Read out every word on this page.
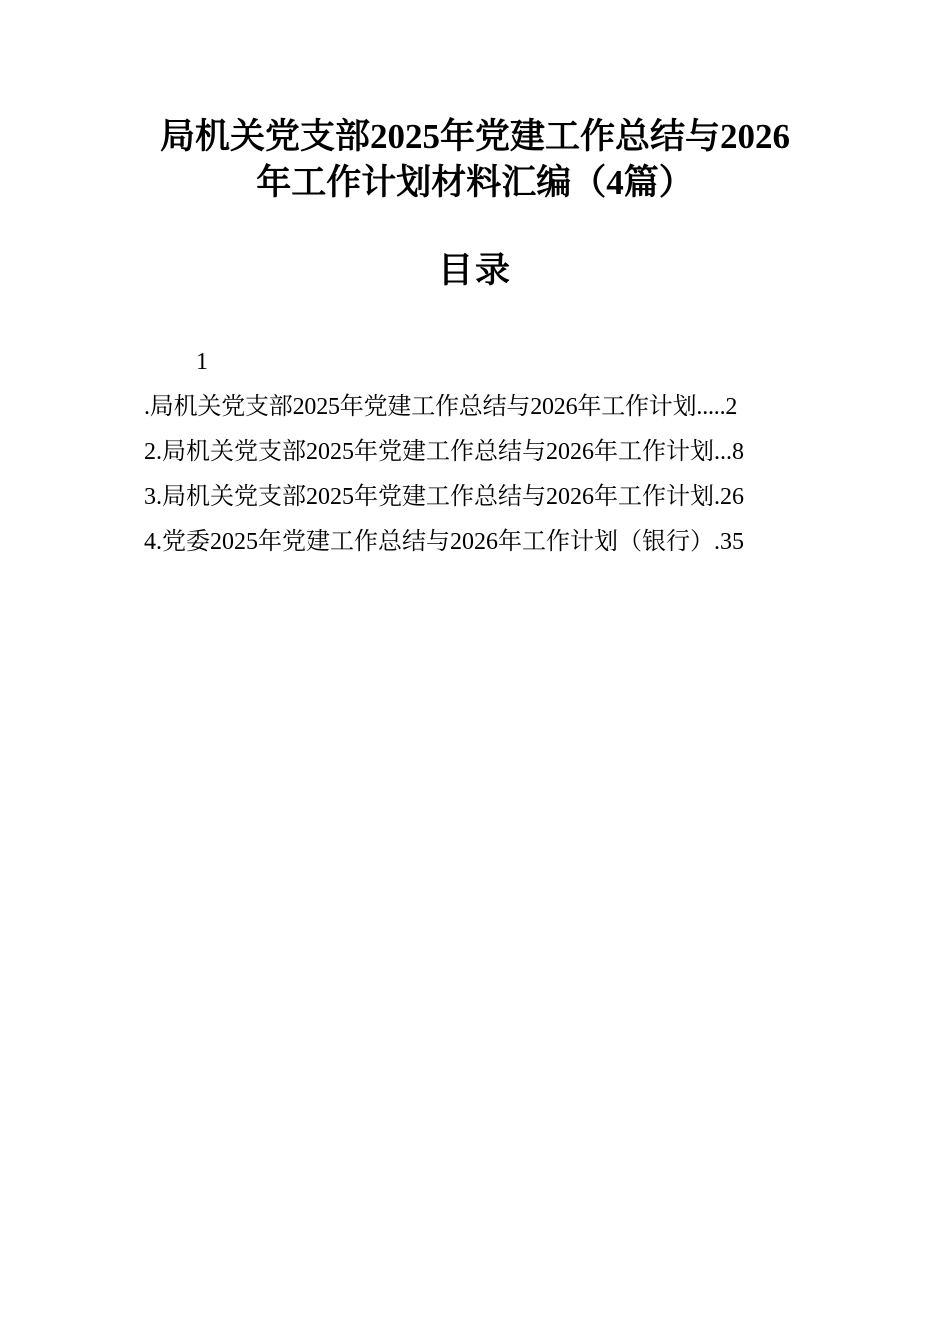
局机关党支部2025年党建工作总结与2026
年工作计划材料汇编（4篇）
目录
1
.局机关党支部2025年党建工作总结与2026年工作计划.....2
2.局机关党支部2025年党建工作总结与2026年工作计划...8
3.局机关党支部2025年党建工作总结与2026年工作计划.26
4.党委2025年党建工作总结与2026年工作计划（银行）.35
